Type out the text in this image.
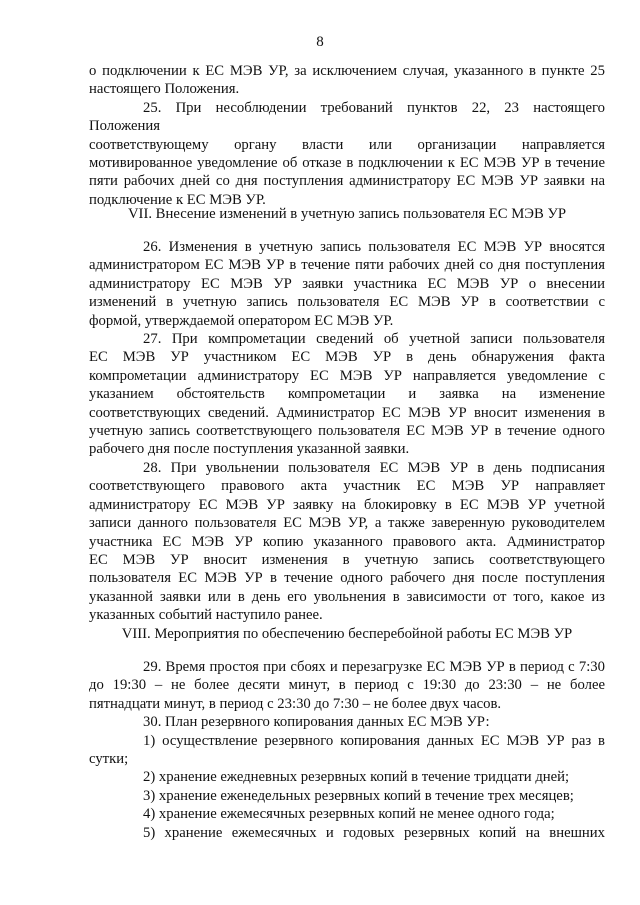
8
о подключении к ЕС МЭВ УР, за исключением случая, указанного в пункте 25
настоящего Положения.
25. При несоблюдении требований пунктов 22, 23 настоящего Положения
соответствующему органу власти или организации направляется
мотивированное уведомление об отказе в подключении к ЕС МЭВ УР в течение
пяти рабочих дней со дня поступления администратору ЕС МЭВ УР заявки на
подключение к ЕС МЭВ УР.
VII. Внесение изменений в учетную запись пользователя ЕС МЭВ УР
26. Изменения в учетную запись пользователя ЕС МЭВ УР вносятся
администратором ЕС МЭВ УР в течение пяти рабочих дней со дня поступления
администратору ЕС МЭВ УР заявки участника ЕС МЭВ УР о внесении
изменений в учетную запись пользователя ЕС МЭВ УР в соответствии с
формой, утверждаемой оператором ЕС МЭВ УР.
27. При компрометации сведений об учетной записи пользователя
ЕС МЭВ УР участником ЕС МЭВ УР в день обнаружения факта
компрометации администратору ЕС МЭВ УР направляется уведомление с
указанием обстоятельств компрометации и заявка на изменение
соответствующих сведений. Администратор ЕС МЭВ УР вносит изменения в
учетную запись соответствующего пользователя ЕС МЭВ УР в течение одного
рабочего дня после поступления указанной заявки.
28. При увольнении пользователя ЕС МЭВ УР в день подписания
соответствующего правового акта участник ЕС МЭВ УР направляет
администратору ЕС МЭВ УР заявку на блокировку в ЕС МЭВ УР учетной
записи данного пользователя ЕС МЭВ УР, а также заверенную руководителем
участника ЕС МЭВ УР копию указанного правового акта. Администратор
ЕС МЭВ УР вносит изменения в учетную запись соответствующего
пользователя ЕС МЭВ УР в течение одного рабочего дня после поступления
указанной заявки или в день его увольнения в зависимости от того, какое из
указанных событий наступило ранее.
VIII. Мероприятия по обеспечению бесперебойной работы ЕС МЭВ УР
29. Время простоя при сбоях и перезагрузке ЕС МЭВ УР в период с 7:30
до 19:30 – не более десяти минут, в период с 19:30 до 23:30 – не более
пятнадцати минут, в период с 23:30 до 7:30 – не более двух часов.
30. План резервного копирования данных ЕС МЭВ УР:
1) осуществление резервного копирования данных ЕС МЭВ УР раз в
сутки;
2) хранение ежедневных резервных копий в течение тридцати дней;
3) хранение еженедельных резервных копий в течение трех месяцев;
4) хранение ежемесячных резервных копий не менее одного года;
5) хранение ежемесячных и годовых резервных копий на внешних
